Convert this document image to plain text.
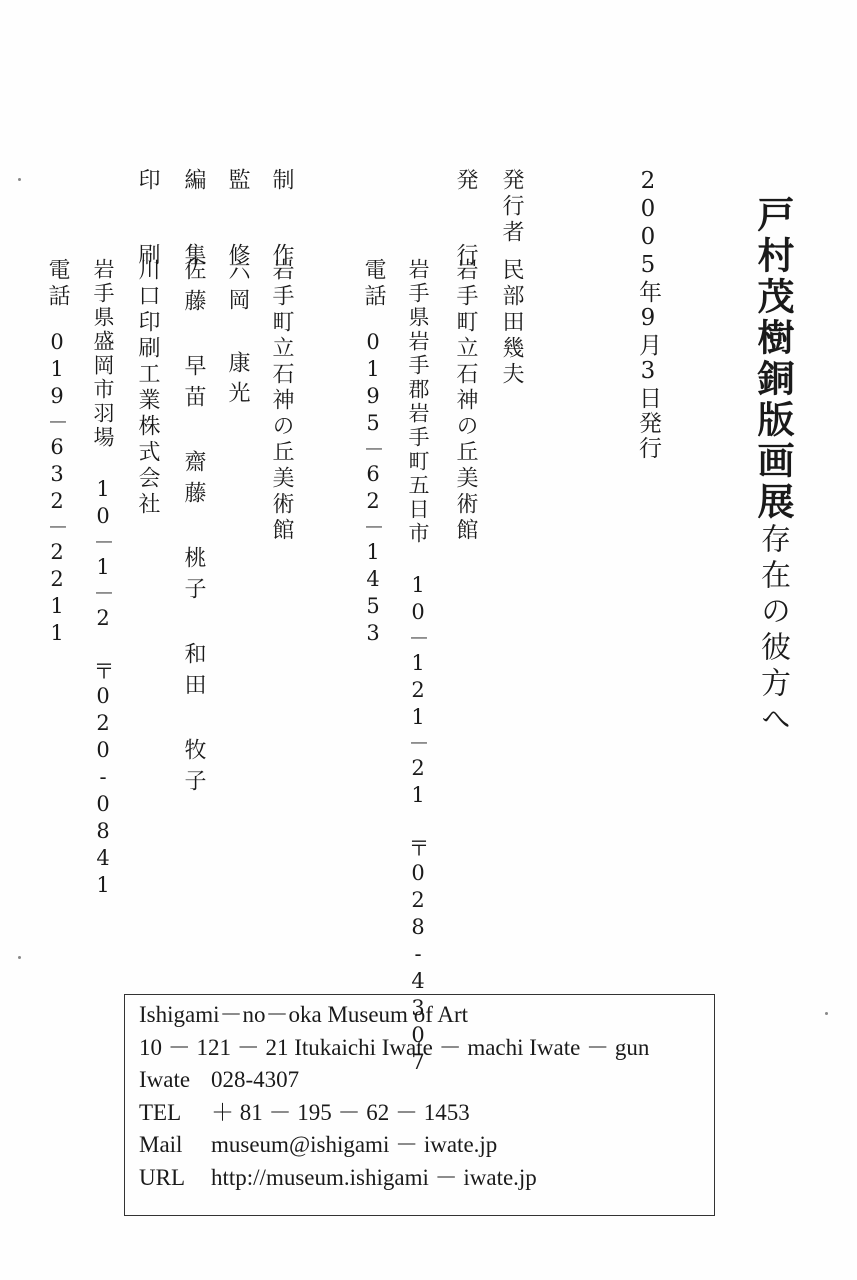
戸村茂樹銅版画展
存在の彼方へ
2005年9月3日発行
発行者
民部田幾夫
発 行
岩手町立石神の丘美術館
岩手県岩手郡岩手町五日市 10－121－21 〒028-4307
電話
0195－62－1453
制 作
岩手町立石神の丘美術館
監 修
六岡 康光
編 集
佐藤 早苗 齋藤 桃子 和田 牧子
印 刷
川口印刷工業株式会社
岩手県盛岡市羽場 10－1－2 〒020-0841
電話
019－632－2211
Ishigami－no－oka Museum of Art
10 － 121 － 21 Itukaichi Iwate － machi Iwate － gun
Iwate 028-4307
TEL	＋ 81 － 195 － 62 － 1453
Mail	museum@ishigami － iwate.jp
URL	http://museum.ishigami － iwate.jp
